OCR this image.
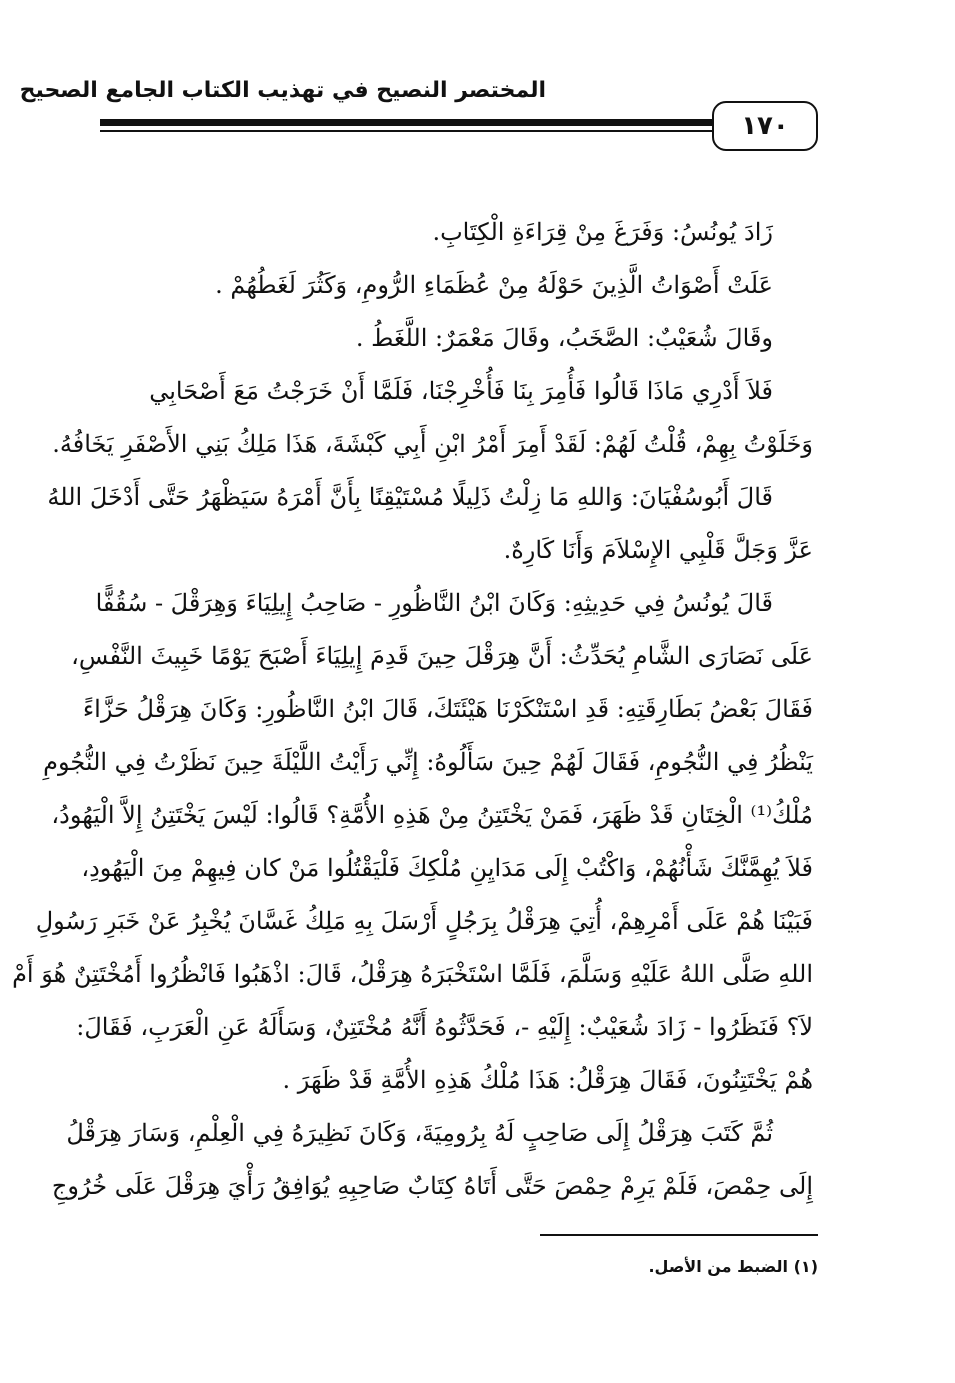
المختصر النصيح في تهذيب الكتاب الجامع الصحيح
١٧٠
زَادَ يُونُسُ: وَفَرَغَ مِنْ قِرَاءَةِ الْكِتَابِ.
عَلَتْ أَصْوَاتُ الَّذِينَ حَوْلَهُ مِنْ عُظَمَاءِ الرُّومِ، وَكَثُرَ لَغَطُهُمْ .
وقَالَ شُعَيْبٌ: الصَّخَبُ، وقَالَ مَعْمَرٌ: اللَّغَطُ .
فَلاَ أَدْرِي مَاذَا قَالُوا فَأُمِرَ بِنَا فَأُخْرِجْنَا، فَلَمَّا أَنْ خَرَجْتُ مَعَ أَصْحَابِي
وَخَلَوْتُ بِهِمْ، قُلْتُ لَهُمْ: لَقَدْ أَمِرَ أَمْرُ ابْنِ أَبِي كَبْشَةَ، هَذَا مَلِكُ بَنِي الأَصْفَرِ يَخَافُهُ.
قَالَ أَبُوسُفْيَانَ: وَاللهِ مَا زِلْتُ ذَلِيلًا مُسْتَيْقِنًا بِأَنَّ أَمْرَهُ سَيَظْهَرُ حَتَّى أَدْخَلَ اللهُ
عَزَّ وَجَلَّ قَلْبِي الإِسْلاَمَ وَأَنَا كَارِهٌ.
قَالَ يُونُسُ فِي حَدِيثِهِ: وَكَانَ ابْنُ النَّاظُورِ - صَاحِبُ إِيلِيَاءَ وَهِرَقْلَ - سُقُفًّا
عَلَى نَصَارَى الشَّامِ يُحَدِّثُ: أَنَّ هِرَقْلَ حِينَ قَدِمَ إِيلِيَاءَ أَصْبَحَ يَوْمًا خَبِيثَ النَّفْسِ،
فَقَالَ بَعْضُ بَطَارِقَتِهِ: قَدِ اسْتَنْكَرْنَا هَيْئَتَكَ، قَالَ ابْنُ النَّاظُورِ: وَكَانَ هِرَقْلُ حَزَّاءً
يَنْظُرُ فِي النُّجُومِ، فَقَالَ لَهُمْ حِينَ سَأَلُوهُ: إِنِّي رَأَيْتُ اللَّيْلَةَ حِينَ نَظَرْتُ فِي النُّجُومِ
مُلْكُ⁽¹⁾ الْخِتَانِ قَدْ ظَهَرَ، فَمَنْ يَخْتَتِنُ مِنْ هَذِهِ الأُمَّةِ؟ قَالُوا: لَيْسَ يَخْتَتِنُ إِلاَّ الْيَهُودُ،
فَلاَ يُهِمَّنَّكَ شَأْنُهُمْ، وَاكْتُبْ إِلَى مَدَايِنِ مُلْكِكَ فَلْيَقْتُلُوا مَنْ كان فِيهِمْ مِنَ الْيَهُودِ،
فَبَيْنَا هُمْ عَلَى أَمْرِهِمْ، أُتِيَ هِرَقْلُ بِرَجُلٍ أَرْسَلَ بِهِ مَلِكُ غَسَّانَ يُخْبِرُ عَنْ خَبَرِ رَسُولِ
اللهِ صَلَّى اللهُ عَلَيْهِ وَسَلَّمَ، فَلَمَّا اسْتَخْبَرَهُ هِرَقْلُ، قَالَ: اذْهَبُوا فَانْظُرُوا أَمُخْتَتِنٌ هُوَ أَمْ
لاَ؟ فَنَظَرُوا - زَادَ شُعَيْبٌ: إِلَيْهِ -، فَحَدَّثُوهُ أَنَّهُ مُخْتَتِنٌ، وَسَأَلَهُ عَنِ الْعَرَبِ، فَقَالَ:
هُمْ يَخْتَتِنُونَ، فَقَالَ هِرَقْلُ: هَذَا مُلْكُ هَذِهِ الأُمَّةِ قَدْ ظَهَرَ .
ثُمَّ كَتَبَ هِرَقْلُ إِلَى صَاحِبٍ لَهُ بِرُومِيَةَ، وَكَانَ نَظِيرَهُ فِي الْعِلْمِ، وَسَارَ هِرَقْلُ
إِلَى حِمْصَ، فَلَمْ يَرِمْ حِمْصَ حَتَّى أَتَاهُ كِتَابٌ صَاحِبِهِ يُوَافِقُ رَأْيَ هِرَقْلَ عَلَى خُرُوجِ
(١) الضبط من الأصل.
